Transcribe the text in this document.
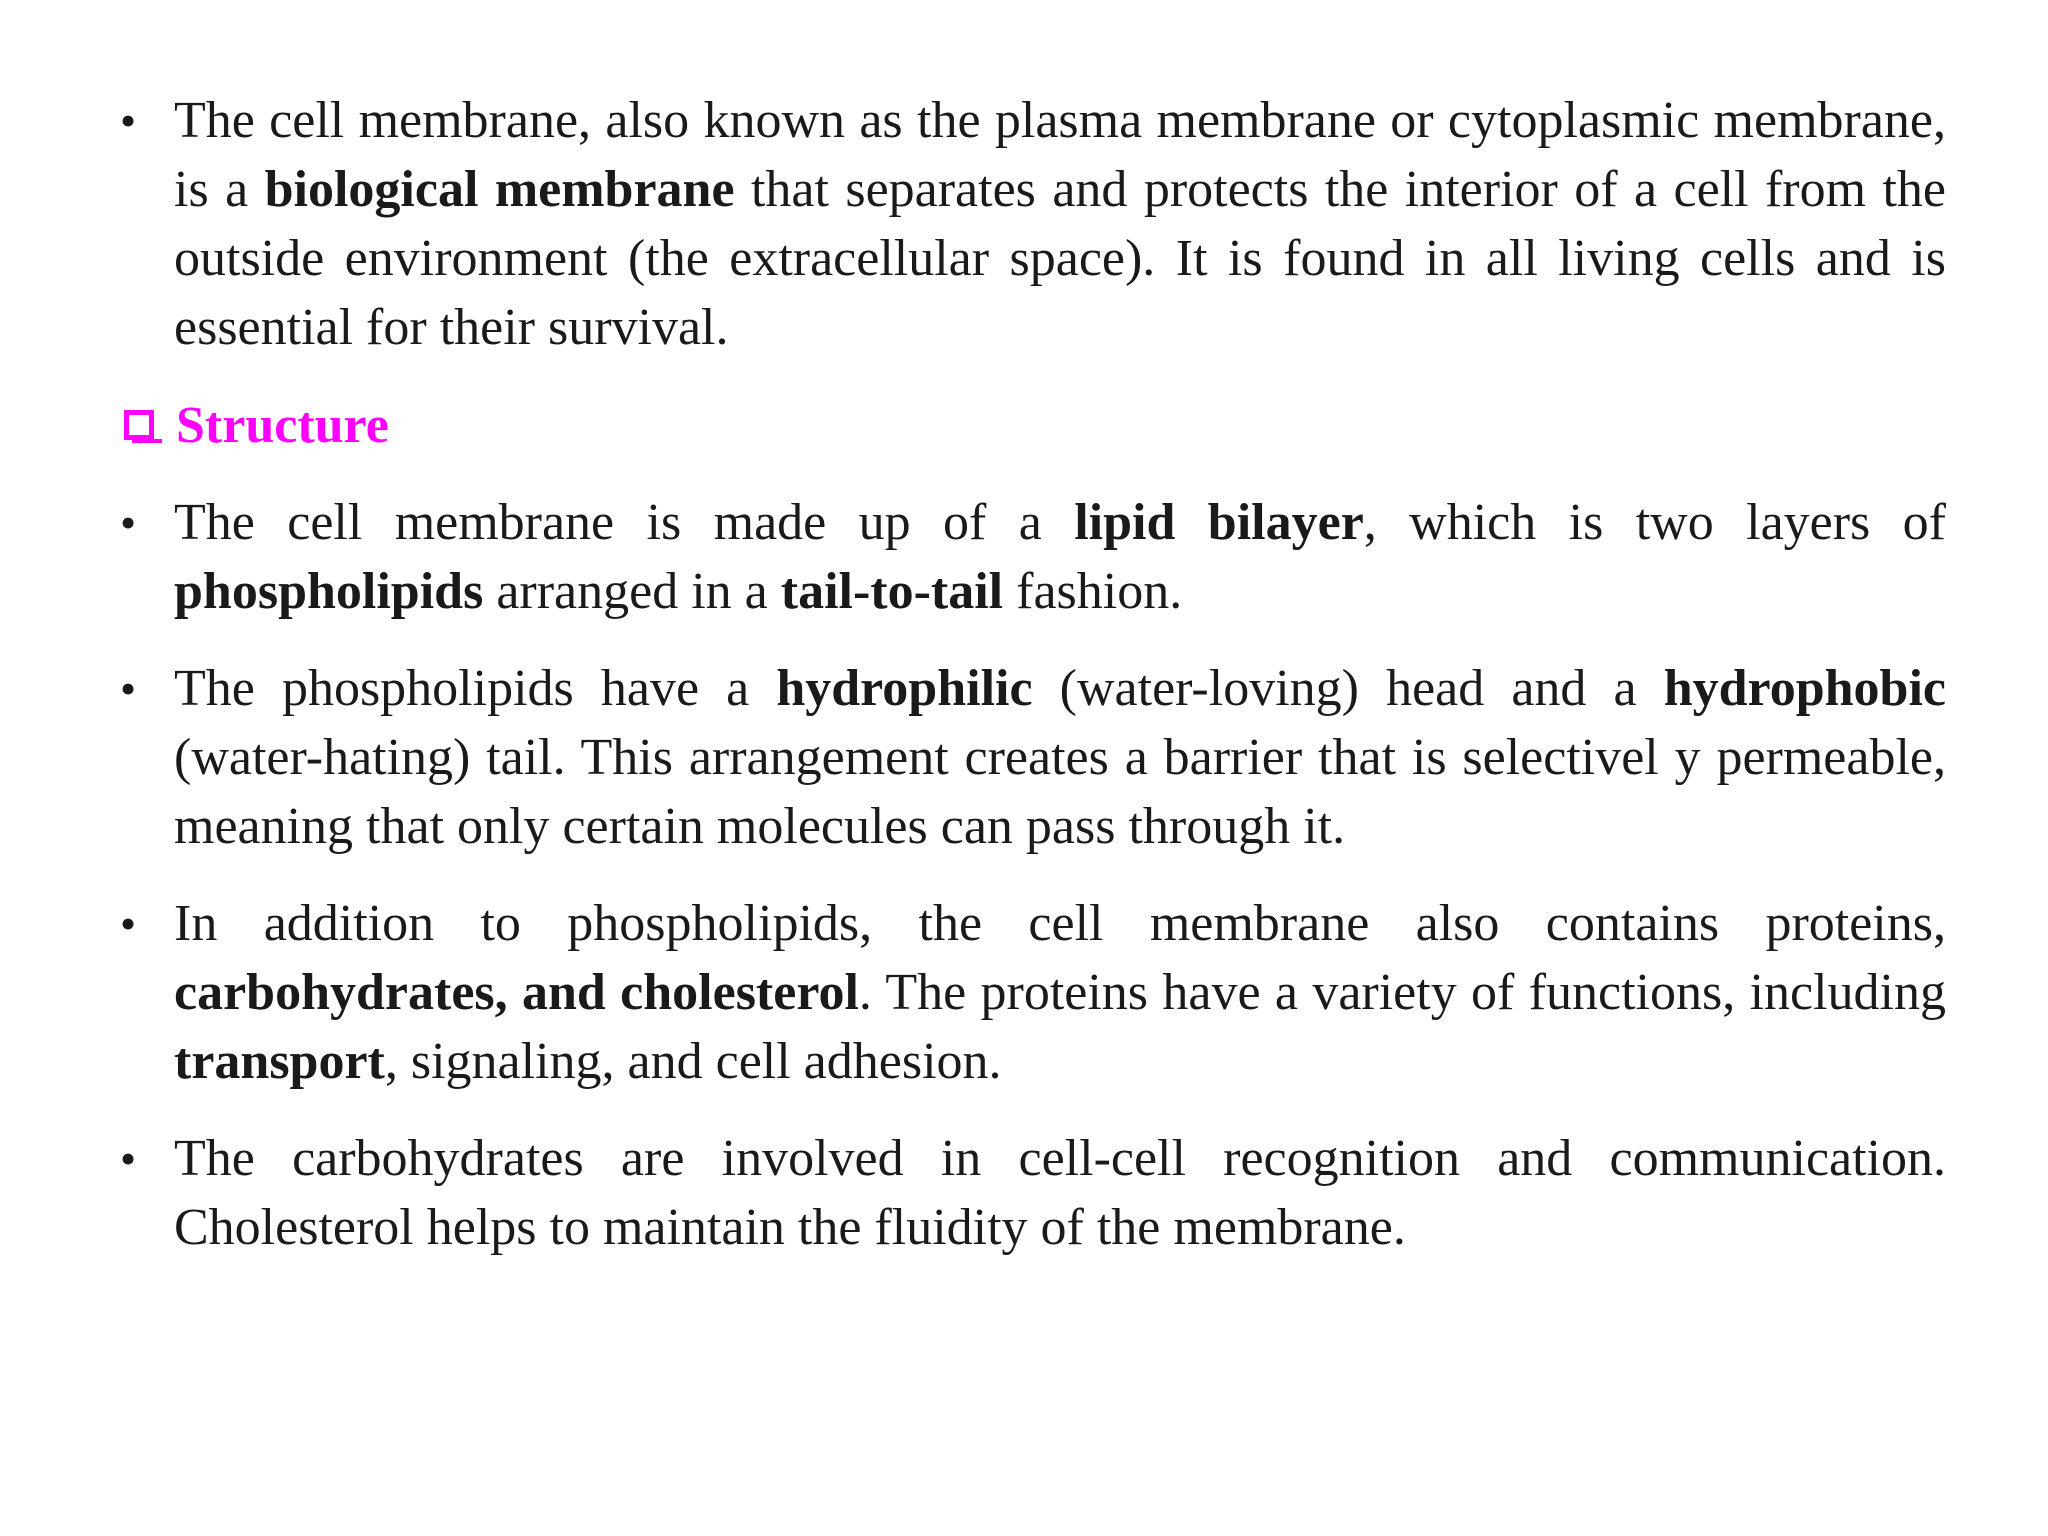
• The cell membrane, also known as the plasma membrane or cytoplasmic membrane, is a biological membrane that separates and protects the interior of a cell from the outside environment (the extracellular space). It is found in all living cells and is essential for their survival.
Structure
• The cell membrane is made up of a lipid bilayer, which is two layers of phospholipids arranged in a tail-to-tail fashion.
• The phospholipids have a hydrophilic (water-loving) head and a hydrophobic (water-hating) tail. This arrangement creates a barrier that is selectivel y permeable, meaning that only certain molecules can pass through it.
• In addition to phospholipids, the cell membrane also contains proteins, carbohydrates, and cholesterol. The proteins have a variety of functions, including transport, signaling, and cell adhesion.
• The carbohydrates are involved in cell-cell recognition and communication. Cholesterol helps to maintain the fluidity of the membrane.
